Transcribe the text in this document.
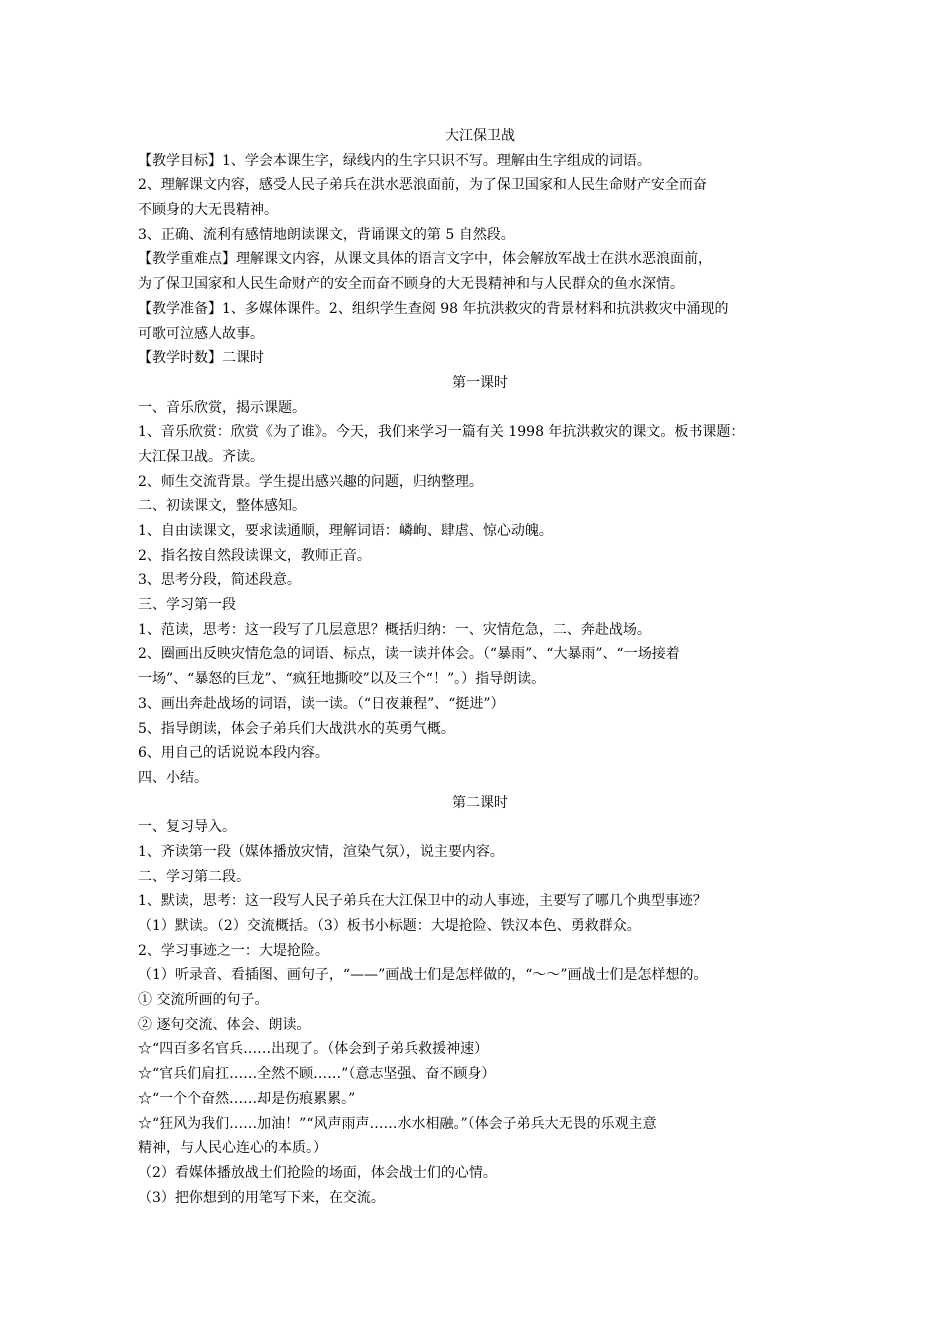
大江保卫战
【教学目标】1、学会本课生字，绿线内的生字只识不写。理解由生字组成的词语。
2、理解课文内容，感受人民子弟兵在洪水恶浪面前，为了保卫国家和人民生命财产安全而奋
不顾身的大无畏精神。
3、正确、流利有感情地朗读课文，背诵课文的第 5 自然段。
【教学重难点】理解课文内容，从课文具体的语言文字中，体会解放军战士在洪水恶浪面前，
为了保卫国家和人民生命财产的安全而奋不顾身的大无畏精神和与人民群众的鱼水深情。
【教学准备】1、多媒体课件。2、组织学生查阅 98 年抗洪救灾的背景材料和抗洪救灾中涌现的
可歌可泣感人故事。
【教学时数】二课时
第一课时
一、音乐欣赏，揭示课题。
1、音乐欣赏：欣赏《为了谁》。今天，我们来学习一篇有关 1998 年抗洪救灾的课文。板书课题：
大江保卫战。齐读。
2、师生交流背景。学生提出感兴趣的问题，归纳整理。
二、初读课文，整体感知。
1、自由读课文，要求读通顺，理解词语：嶙峋、肆虐、惊心动魄。
2、指名按自然段读课文，教师正音。
3、思考分段，简述段意。
三、学习第一段
1、范读，思考：这一段写了几层意思？概括归纳：一、灾情危急，二、奔赴战场。
2、圈画出反映灾情危急的词语、标点，读一读并体会。（“暴雨”、“大暴雨”、“一场接着
一场”、“暴怒的巨龙”、“疯狂地撕咬”以及三个“！”。）指导朗读。
3、画出奔赴战场的词语，读一读。（“日夜兼程”、“挺进”）
5、指导朗读，体会子弟兵们大战洪水的英勇气概。
6、用自己的话说说本段内容。
四、小结。
第二课时
一、复习导入。
1、齐读第一段（媒体播放灾情，渲染气氛），说主要内容。
二、学习第二段。
1、默读，思考：这一段写人民子弟兵在大江保卫中的动人事迹，主要写了哪几个典型事迹？
（1）默读。（2）交流概括。（3）板书小标题：大堤抢险、铁汉本色、勇救群众。
2、学习事迹之一：大堤抢险。
（1）听录音、看插图、画句子，“——”画战士们是怎样做的，“～～”画战士们是怎样想的。
① 交流所画的句子。
② 逐句交流、体会、朗读。
☆“四百多名官兵……出现了。（体会到子弟兵救援神速）
☆“官兵们肩扛……全然不顾……”（意志坚强、奋不顾身）
☆“一个个奋然……却是伤痕累累。”
☆“狂风为我们……加油！”“风声雨声……水水相融。”（体会子弟兵大无畏的乐观主意
精神，与人民心连心的本质。）
（2）看媒体播放战士们抢险的场面，体会战士们的心情。
（3）把你想到的用笔写下来，在交流。
